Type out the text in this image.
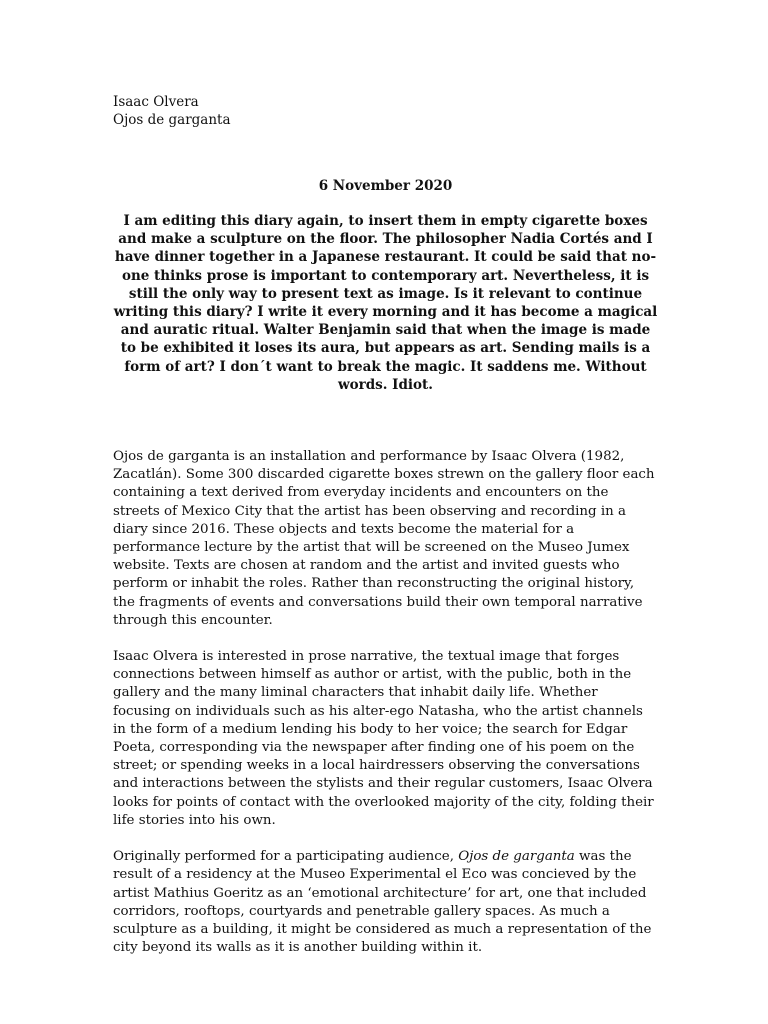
Isaac Olvera

Ojos de garganta

6 November 2020

I am editing this diary again, to insert them in empty cigarette boxes and make a sculpture on the floor. The philosopher Nadia Cortés and I have dinner together in a Japanese restaurant. It could be said that no-one thinks prose is important to contemporary art. Nevertheless, it is still the only way to present text as image. Is it relevant to continue writing this diary? I write it every morning and it has become a magical and auratic ritual. Walter Benjamin said that when the image is made to be exhibited it loses its aura, but appears as art. Sending mails is a form of art? I don´t want to break the magic. It saddens me. Without words. Idiot.

Ojos de garganta is an installation and performance by Isaac Olvera (1982, Zacatlán). Some 300 discarded cigarette boxes strewn on the gallery floor each containing a text derived from everyday incidents and encounters on the streets of Mexico City that the artist has been observing and recording in a diary since 2016. These objects and texts become the material for a performance lecture by the artist that will be screened on the Museo Jumex website. Texts are chosen at random and the artist and invited guests who perform or inhabit the roles. Rather than reconstructing the original history, the fragments of events and conversations build their own temporal narrative through this encounter.

Isaac Olvera is interested in prose narrative, the textual image that forges connections between himself as author or artist, with the public, both in the gallery and the many liminal characters that inhabit daily life. Whether focusing on individuals such as his alter-ego Natasha, who the artist channels in the form of a medium lending his body to her voice; the search for Edgar Poeta, corresponding via the newspaper after finding one of his poem on the street; or spending weeks in a local hairdressers observing the conversations and interactions between the stylists and their regular customers, Isaac Olvera looks for points of contact with the overlooked majority of the city, folding their life stories into his own.

Originally performed for a participating audience, Ojos de garganta was the result of a residency at the Museo Experimental el Eco was concieved by the artist Mathius Goeritz as an ‘emotional architecture’ for art, one that included corridors, rooftops, courtyards and penetrable gallery spaces. As much a sculpture as a building, it might be considered as much a representation of the city beyond its walls as it is another building within it.
